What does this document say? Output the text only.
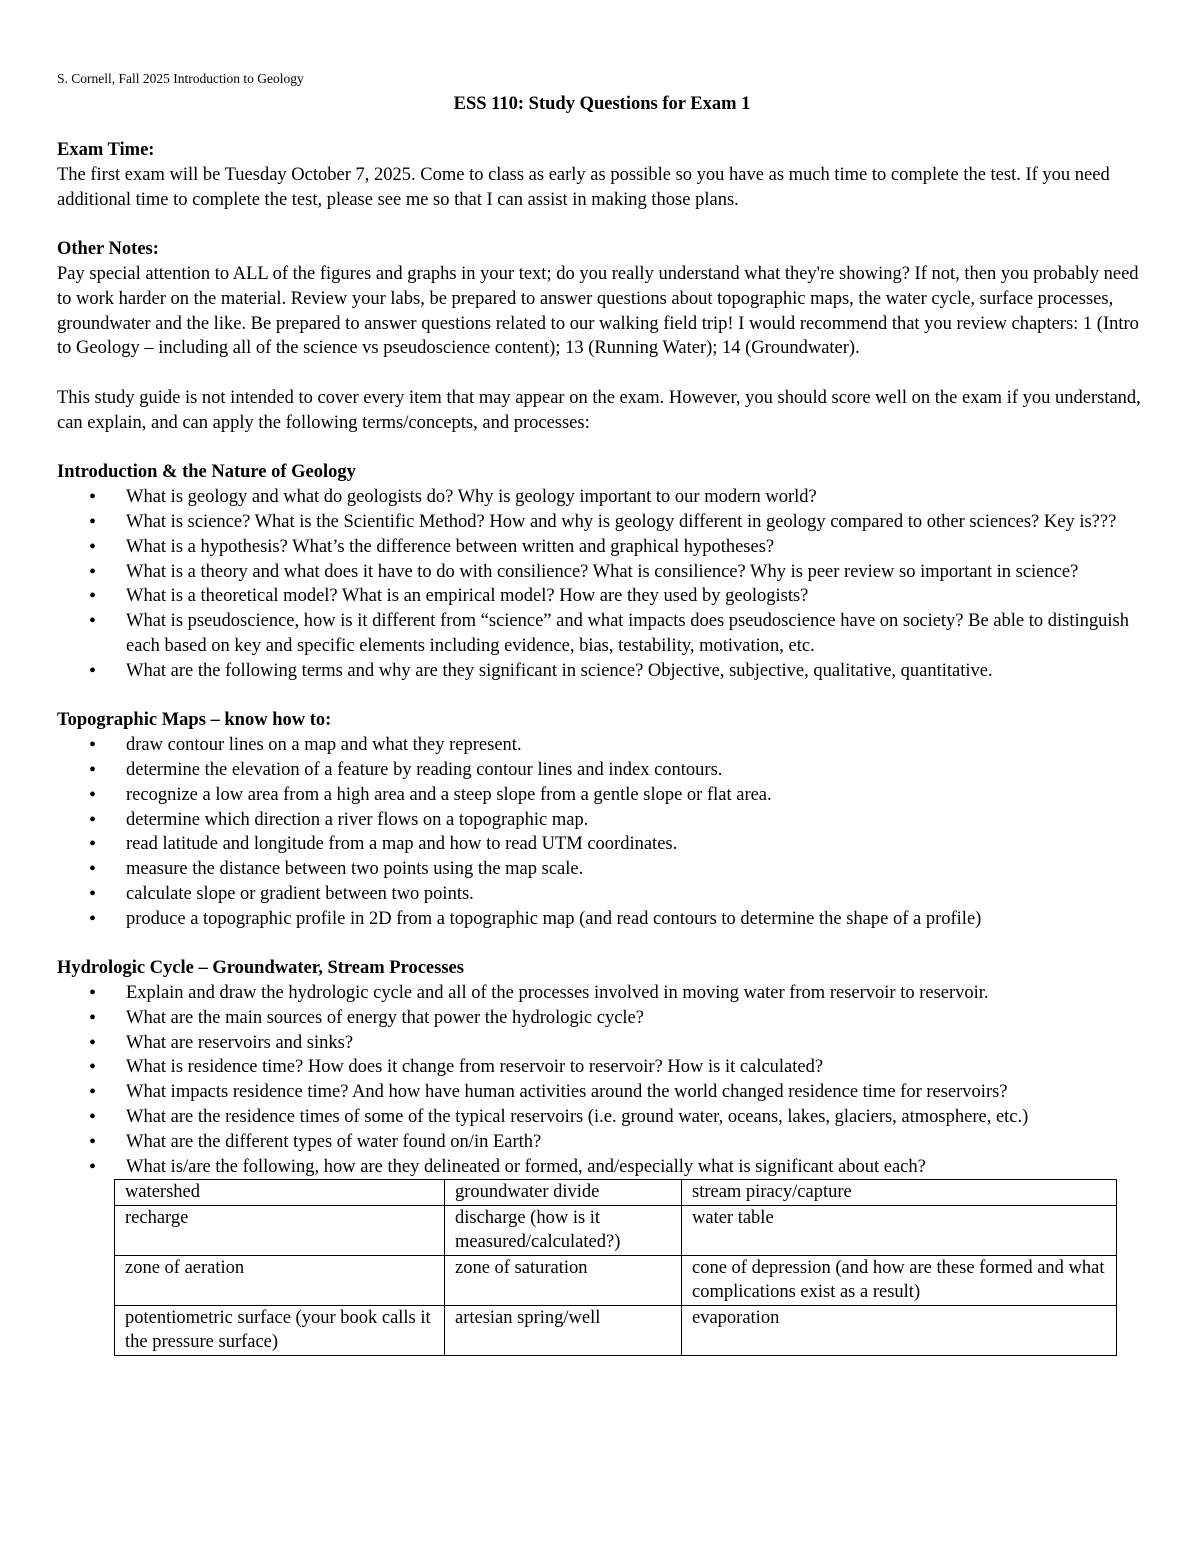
S. Cornell, Fall 2025 Introduction to Geology

ESS 110: Study Questions for Exam 1

Exam Time:

The first exam will be Tuesday October 7, 2025. Come to class as early as possible so you have as much time to complete the test. If you need additional time to complete the test, please see me so that I can assist in making those plans.

Other Notes:

Pay special attention to ALL of the figures and graphs in your text; do you really understand what they're showing? If not, then you probably need to work harder on the material. Review your labs, be prepared to answer questions about topographic maps, the water cycle, surface processes, groundwater and the like. Be prepared to answer questions related to our walking field trip! I would recommend that you review chapters: 1 (Intro to Geology – including all of the science vs pseudoscience content); 13 (Running Water); 14 (Groundwater).

This study guide is not intended to cover every item that may appear on the exam. However, you should score well on the exam if you understand, can explain, and can apply the following terms/concepts, and processes:

Introduction & the Nature of Geology

• What is geology and what do geologists do? Why is geology important to our modern world?
• What is science? What is the Scientific Method? How and why is geology different in geology compared to other sciences? Key is???
• What is a hypothesis? What’s the difference between written and graphical hypotheses?
• What is a theory and what does it have to do with consilience? What is consilience? Why is peer review so important in science?
• What is a theoretical model? What is an empirical model? How are they used by geologists?
• What is pseudoscience, how is it different from “science” and what impacts does pseudoscience have on society? Be able to distinguish each based on key and specific elements including evidence, bias, testability, motivation, etc.
• What are the following terms and why are they significant in science? Objective, subjective, qualitative, quantitative.

Topographic Maps – know how to:

• draw contour lines on a map and what they represent.
• determine the elevation of a feature by reading contour lines and index contours.
• recognize a low area from a high area and a steep slope from a gentle slope or flat area.
• determine which direction a river flows on a topographic map.
• read latitude and longitude from a map and how to read UTM coordinates.
• measure the distance between two points using the map scale.
• calculate slope or gradient between two points.
• produce a topographic profile in 2D from a topographic map (and read contours to determine the shape of a profile)

Hydrologic Cycle – Groundwater, Stream Processes

• Explain and draw the hydrologic cycle and all of the processes involved in moving water from reservoir to reservoir.
• What are the main sources of energy that power the hydrologic cycle?
• What are reservoirs and sinks?
• What is residence time? How does it change from reservoir to reservoir? How is it calculated?
• What impacts residence time? And how have human activities around the world changed residence time for reservoirs?
• What are the residence times of some of the typical reservoirs (i.e. ground water, oceans, lakes, glaciers, atmosphere, etc.)
• What are the different types of water found on/in Earth?
• What is/are the following, how are they delineated or formed, and/especially what is significant about each?
watershed	groundwater divide	stream piracy/capture
recharge	discharge (how is it measured/calculated?)	water table
zone of aeration	zone of saturation	cone of depression (and how are these formed and what complications exist as a result)
potentiometric surface (your book calls it the pressure surface)	artesian spring/well	evaporation
